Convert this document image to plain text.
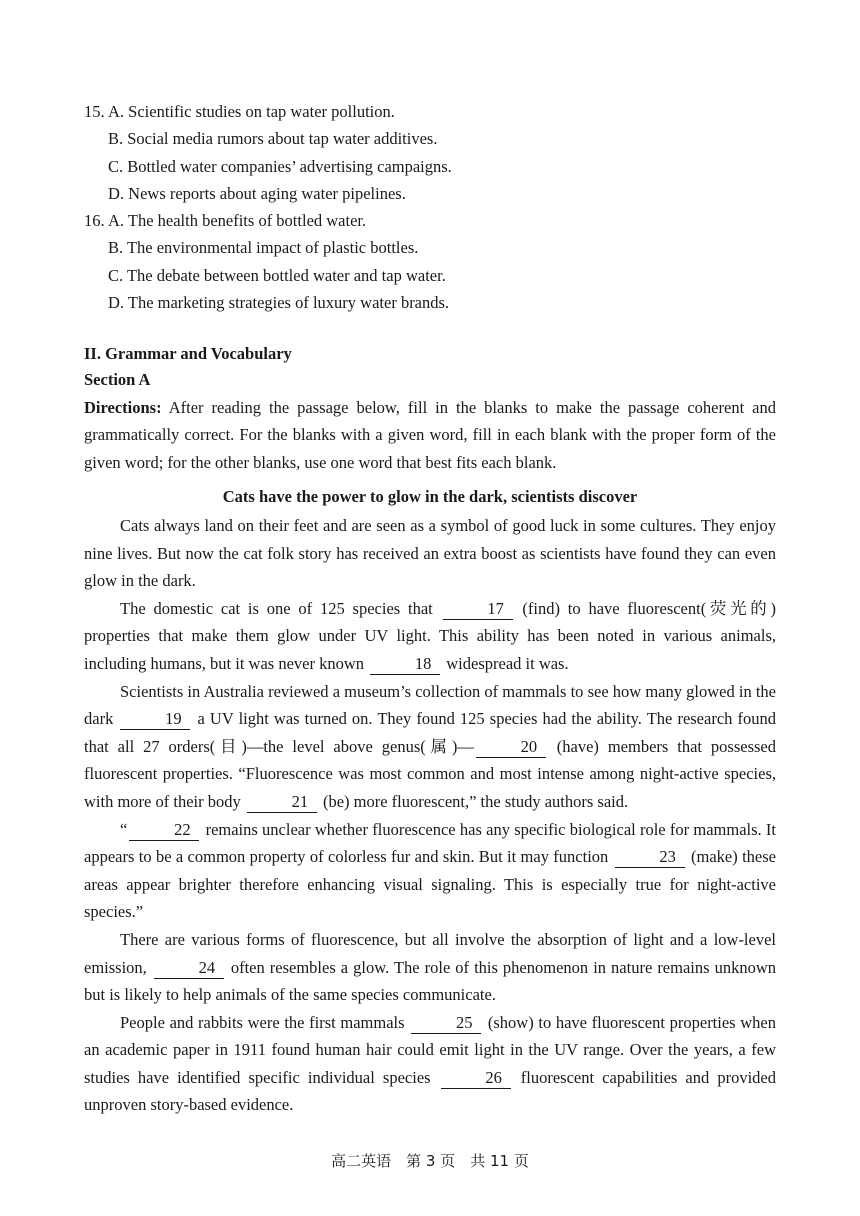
15. A. Scientific studies on tap water pollution.
B. Social media rumors about tap water additives.
C. Bottled water companies’ advertising campaigns.
D. News reports about aging water pipelines.
16. A. The health benefits of bottled water.
B. The environmental impact of plastic bottles.
C. The debate between bottled water and tap water.
D. The marketing strategies of luxury water brands.
II. Grammar and Vocabulary
Section A
Directions: After reading the passage below, fill in the blanks to make the passage coherent and grammatically correct. For the blanks with a given word, fill in each blank with the proper form of the given word; for the other blanks, use one word that best fits each blank.
Cats have the power to glow in the dark, scientists discover

Cats always land on their feet and are seen as a symbol of good luck in some cultures. They enjoy nine lives. But now the cat folk story has received an extra boost as scientists have found they can even glow in the dark.

The domestic cat is one of 125 species that	17 (find) to have fluorescent(荧光的) properties that make them glow under UV light. This ability has been noted in various animals, including humans, but it was never known	18 widespread it was.

Scientists in Australia reviewed a museum’s collection of mammals to see how many glowed in the dark	19 a UV light was turned on. They found 125 species had the ability. The research found that all 27 orders(目)—the level above genus(属)—	20 (have) members that possessed fluorescent properties. “Fluorescence was most common and most intense among night-active species, with more of their body	21 (be) more fluorescent,” the study authors said.

“	22 remains unclear whether fluorescence has any specific biological role for mammals. It appears to be a common property of colorless fur and skin. But it may function	23 (make) these areas appear brighter therefore enhancing visual signaling. This is especially true for night-active species.”

There are various forms of fluorescence, but all involve the absorption of light and a low-level emission,	24 often resembles a glow. The role of this phenomenon in nature remains unknown but is likely to help animals of the same species communicate.

People and rabbits were the first mammals	25 (show) to have fluorescent properties when an academic paper in 1911 found human hair could emit light in the UV range. Over the years, a few studies have identified specific individual species	26 fluorescent capabilities and provided unproven story-based evidence.

高二英语　第 3 页　共 11 页
